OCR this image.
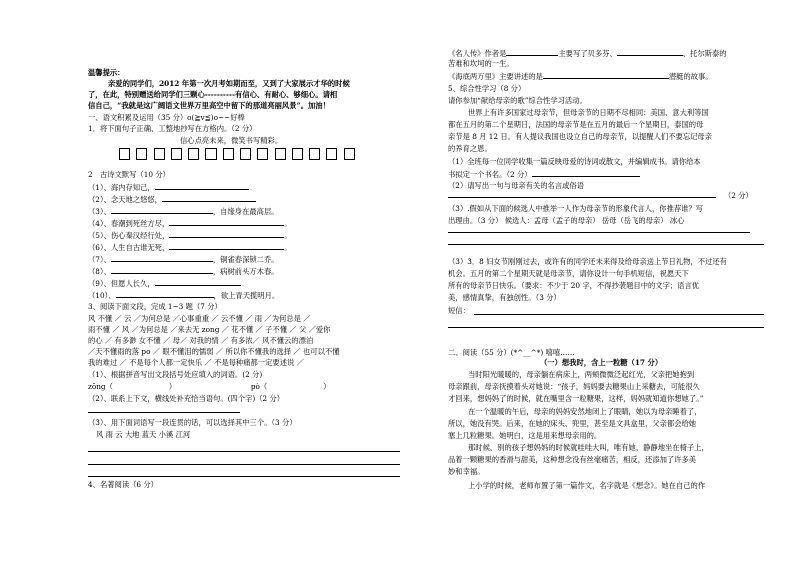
温馨提示：
亲爱的同学们，2012 年第一次月考如期而至，又到了大家展示才华的时候
了，在此，特别赠送给同学们三颗心----------有信心、有耐心、够细心。请相
信自己，“我就是这广阔语文世界万里高空中留下的那道亮丽风景”。加油！
一、语文积累及运用（35 分）o(≧v≦)o~~好棒
1．将下面句子正确、工整地抄写在方格内。（2 分）
信心点亮未来，微笑书写精彩。
2　古诗文默写（10 分）
（1）、海内存知己，
（2）、念天地之悠悠，
（3）、	，自缘身在最高层。
（4）、春潮到死丝方尽，	。
（5）、伤心秦汉经行处，	。
（6）、人生自古谁无死，	。
（7）、	，铜雀春深锁二乔。
（8）、	，病树前头万木春。
（9）、但愿人长久，
（10）、	，欲上青天揽明月。
3、阅读下面文段，完成 1~3 题（7 分）
风 不懂 ／ 云 ／为何总是 ／心事重重 ／ 云不懂 ／ 雨 ／为何总是 ／
雨不懂 ／ 风 ／为何总是 ／来去无 zong ／ 花不懂 ／ 子不懂 ／ 父 ／爱你
的心 ／ 有多渺 女不懂 ／ 母／ 对我的情 ／ 有多浓／ 风不懂云的漂泊
／天不懂雨的落 po ／ 眼不懂泪的懦弱 ／ 所以你不懂我的选择 ／ 也可以不懂
我的难过 ／ 不是每个人都一定快乐 ／ 不是每种痛都一定要述说 ／
（1）、根据拼音写出文段括号处应填入的词语。(2 分)
zōng（	）	pò（	）
（2）、联系上下文，横线处补充恰当语句。(四个字)（2 分）
（3）、用下面词语写一段连贯的话，可以选择其中三个。（3 分）
风 雨 云 大地 蓝天 小溪 江河
4、名著阅读（6 分）
《名人传》作者是	主要写了贝多芬、	、托尔斯泰的
苦难和坎坷的一生。
《海底两万里》主要讲述的是	潜艇的故事。
5、综合性学习（8 分）
请你参加“献给母亲的歌”综合性学习活动。
世界上有许多国家过母亲节，但母亲节的日期不尽相同：美国、意大利等国
都在五月的第二个星期日，法国的母亲节是在五月的最后一个星期日，泰国的母
亲节是 8 月 12 日。有人提议我国也设立自己的母亲节，以提醒人们不要忘记母亲
的养育之恩。
（1）全班每一位同学收集一篇反映母爱的诗词或散文，并编辑成书。请你给本
书拟定一个书名。（2 分）
（2）请写出一句与母亲有关的名言或俗语
（2 分）
（3）.假如从下面的候选人中推举一人作为母亲节的形象代言人，你推荐谁？写
出理由。（3 分） 候选人：孟母（孟子的母亲） 岳母（岳飞的母亲） 冰心
（3）3．8 妇女节刚刚过去，或许有的同学还未来得及给母亲送上节日礼物，不过还有
机会。五月的第二个星期天就是母亲节，请你设计一句手机短信，祝愿天下
所有的母亲节日快乐。（要求：不少于 20 字，不得抄袭题目中的文字；语言优
美，感情真挚，有独创性。（3 分）
短信：
二、阅读（55 分）(*^__^*) 嘻嘻……
（一）想我时，含上一粒糖（17 分）
当时阳光暖暖的，母亲躺在病床上，两颊微微泛起红光，父亲把她抱到
母亲跟前，母亲抚摸着头对她说：“孩子，妈妈要去糖果山上采糖去，可能很久
才回来，想妈妈了的时候，就在嘴里含一粒糖果，这样，妈妈就知道你想她了。”
在一个温暖的午后，母亲的妈妈安然地闭上了眼睛，她以为母亲睡着了，
所以，她没有哭。后来，在她的床头、兜里，甚至是文具盒里，父亲都会给她
塞上几粒糖果。她明白，这是用来想母亲用的。
那时候，别的孩子想妈妈的时候就哇哇大叫，唯有她，静静地坐在椅子上，
品着一颗糖果的香滑与甜美，这种想念没有丝毫痛苦，相反，还添加了许多美
妙和幸福。
上小学的时候，老师布置了第一篇作文，名字就是《想念》。她在自己的作
